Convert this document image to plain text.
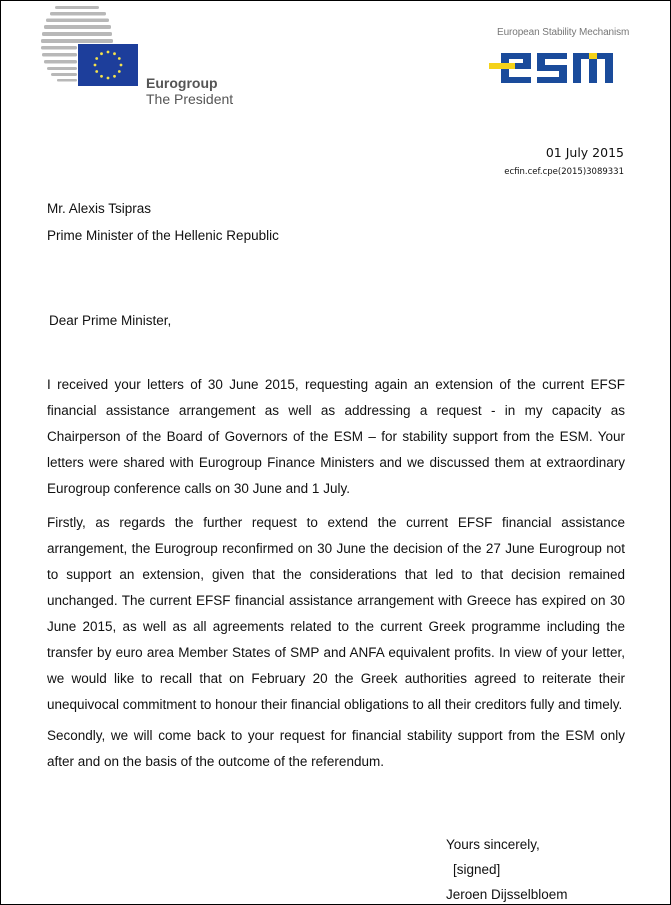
Eurogroup
The President
European Stability Mechanism
01 July 2015
ecfin.cef.cpe(2015)3089331
Mr. Alexis Tsipras
Prime Minister of the Hellenic Republic
Dear Prime Minister,
I received your letters of 30 June 2015, requesting again an extension of the current EFSF financial assistance arrangement as well as addressing a request - in my capacity as Chairperson of the Board of Governors of the ESM – for stability support from the ESM. Your letters were shared with Eurogroup Finance Ministers and we discussed them at extraordinary Eurogroup conference calls on 30 June and 1 July.
Firstly, as regards the further request to extend the current EFSF financial assistance arrangement, the Eurogroup reconfirmed on 30 June the decision of the 27 June Eurogroup not to support an extension, given that the considerations that led to that decision remained unchanged. The current EFSF financial assistance arrangement with Greece has expired on 30 June 2015, as well as all agreements related to the current Greek programme including the transfer by euro area Member States of SMP and ANFA equivalent profits. In view of your letter, we would like to recall that on February 20 the Greek authorities agreed to reiterate their unequivocal commitment to honour their financial obligations to all their creditors fully and timely.
Secondly, we will come back to your request for financial stability support from the ESM only after and on the basis of the outcome of the referendum.
Yours sincerely,
[signed]
Jeroen Dijsselbloem
